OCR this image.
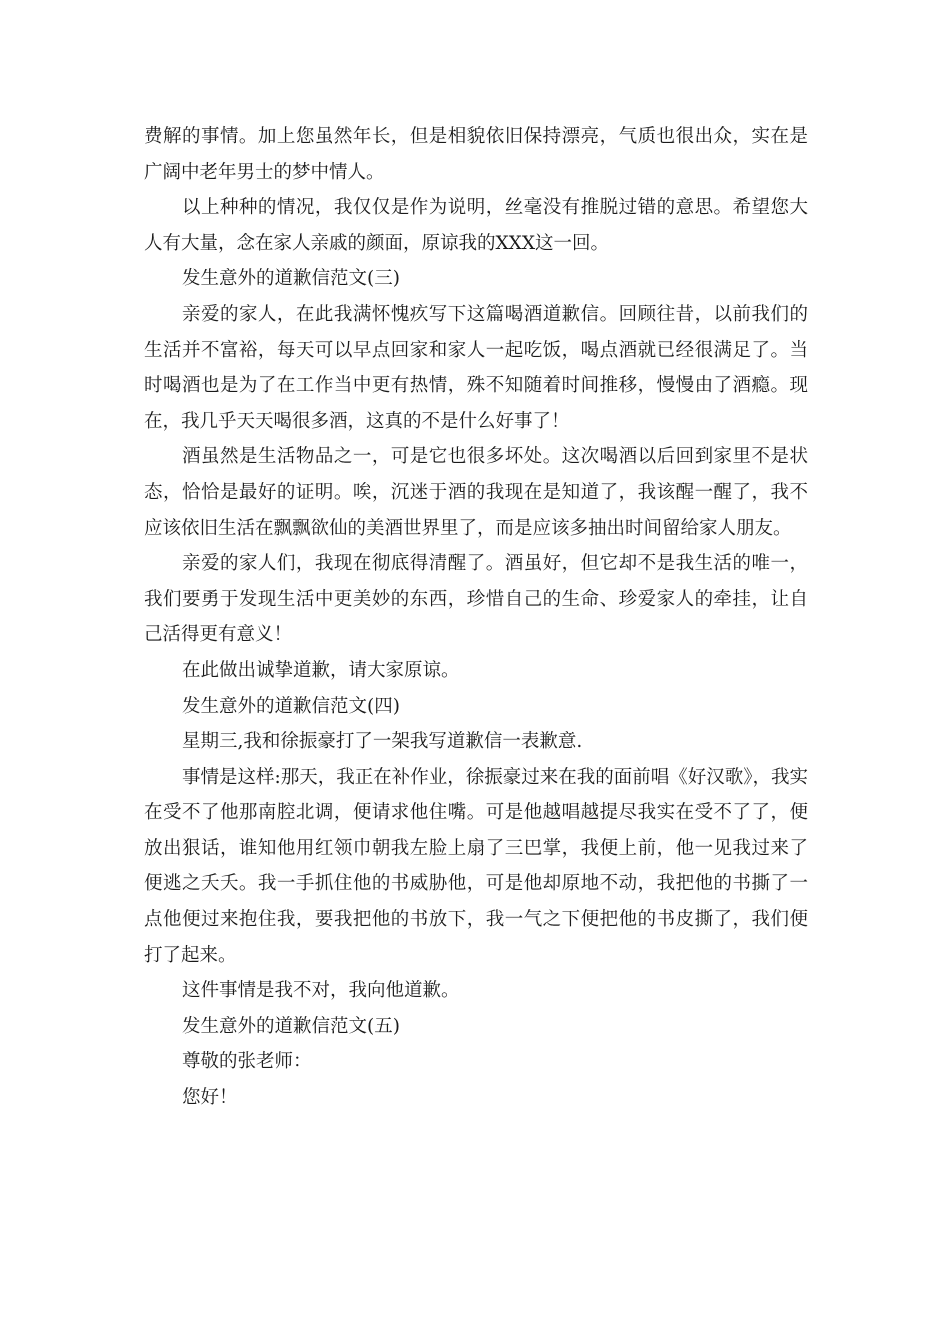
费解的事情。加上您虽然年长，但是相貌依旧保持漂亮，气质也很出众，实在是广阔中老年男士的梦中情人。

以上种种的情况，我仅仅是作为说明，丝毫没有推脱过错的意思。希望您大人有大量，念在家人亲戚的颜面，原谅我的XXX这一回。

发生意外的道歉信范文(三)

亲爱的家人，在此我满怀愧疚写下这篇喝酒道歉信。回顾往昔，以前我们的生活并不富裕，每天可以早点回家和家人一起吃饭，喝点酒就已经很满足了。当时喝酒也是为了在工作当中更有热情，殊不知随着时间推移，慢慢由了酒瘾。现在，我几乎天天喝很多酒，这真的不是什么好事了！

酒虽然是生活物品之一，可是它也很多坏处。这次喝酒以后回到家里不是状态，恰恰是最好的证明。唉，沉迷于酒的我现在是知道了，我该醒一醒了，我不应该依旧生活在飘飘欲仙的美酒世界里了，而是应该多抽出时间留给家人朋友。

亲爱的家人们，我现在彻底得清醒了。酒虽好，但它却不是我生活的唯一，我们要勇于发现生活中更美妙的东西，珍惜自己的生命、珍爱家人的牵挂，让自己活得更有意义！

在此做出诚挚道歉，请大家原谅。

发生意外的道歉信范文(四)

星期三,我和徐振豪打了一架我写道歉信一表歉意.

事情是这样:那天，我正在补作业，徐振豪过来在我的面前唱《好汉歌》，我实在受不了他那南腔北调，便请求他住嘴。可是他越唱越提尽我实在受不了了，便放出狠话，谁知他用红领巾朝我左脸上扇了三巴掌，我便上前，他一见我过来了便逃之夭夭。我一手抓住他的书威胁他，可是他却原地不动，我把他的书撕了一点他便过来抱住我，要我把他的书放下，我一气之下便把他的书皮撕了，我们便打了起来。

这件事情是我不对，我向他道歉。

发生意外的道歉信范文(五)

尊敬的张老师：

您好！
